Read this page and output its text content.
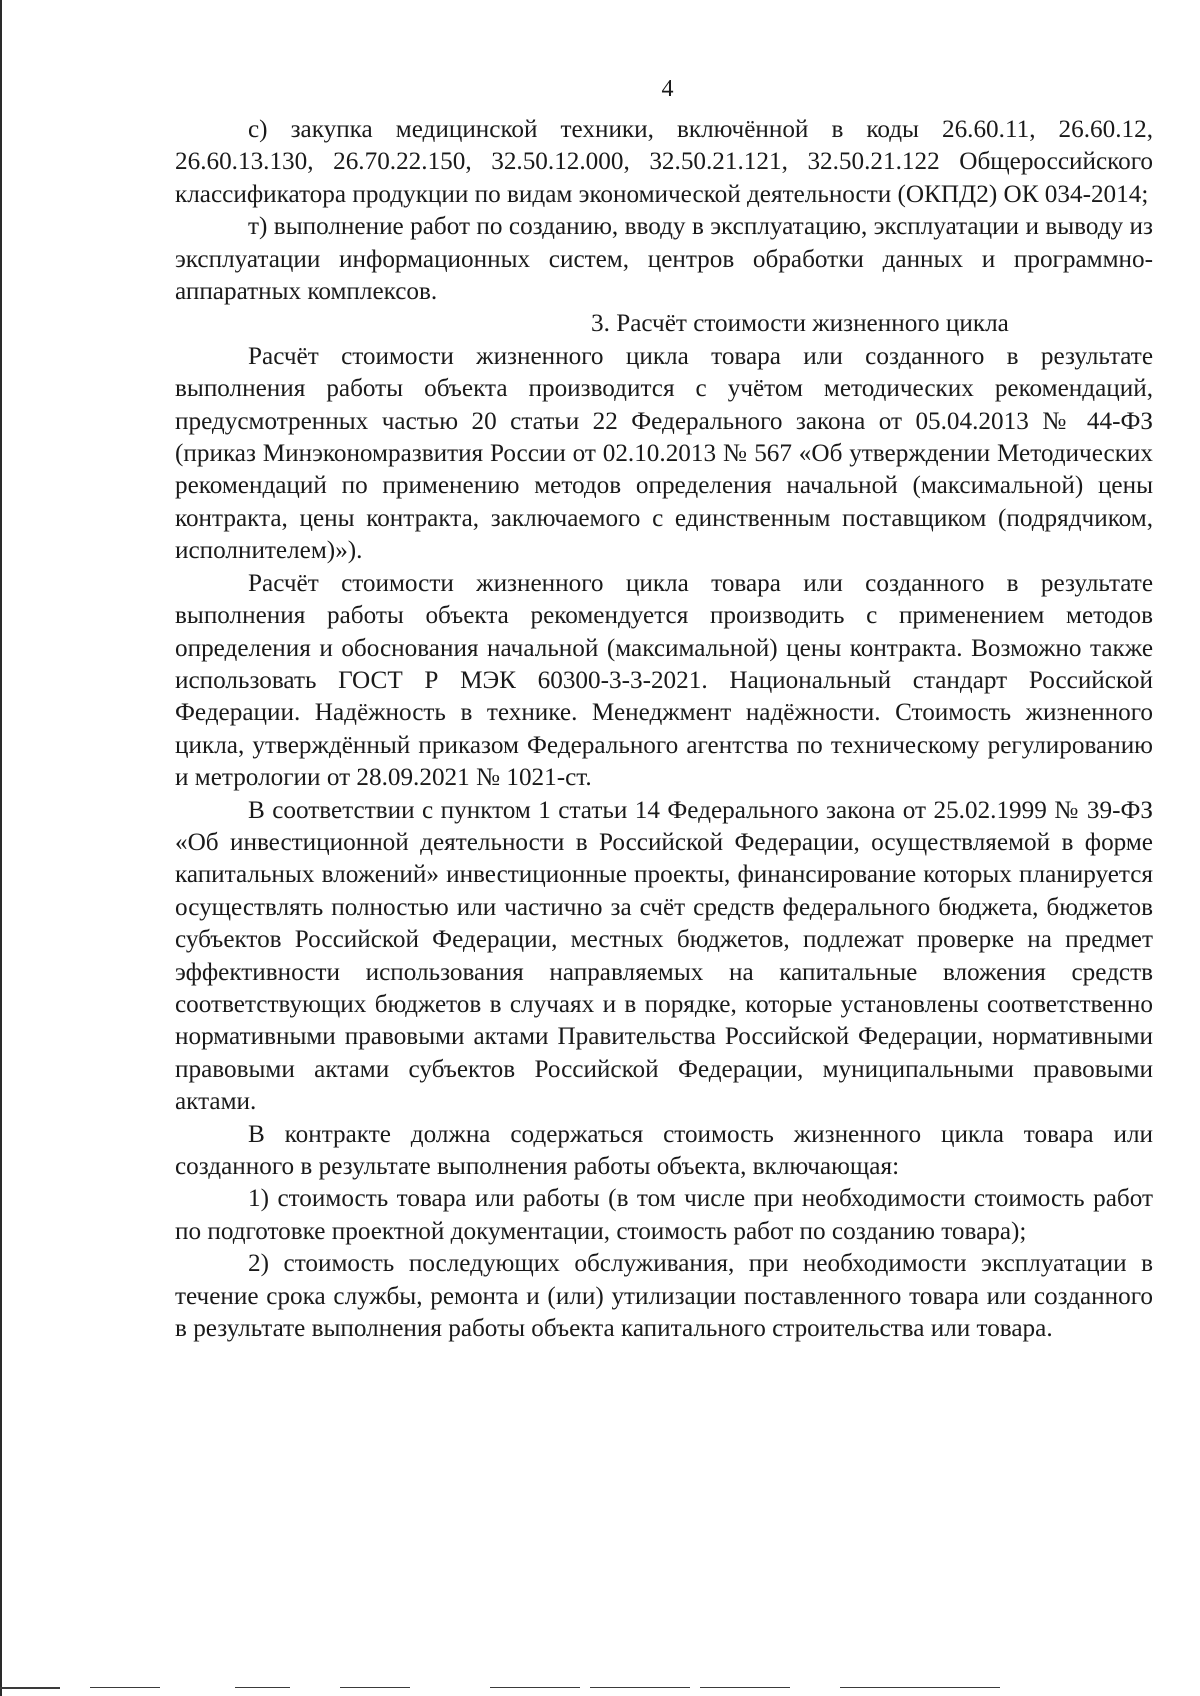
4

с) закупка медицинской техники, включённой в коды 26.60.11, 26.60.12, 26.60.13.130, 26.70.22.150, 32.50.12.000, 32.50.21.121, 32.50.21.122 Общероссийского классификатора продукции по видам экономической деятельности (ОКПД2) ОК 034-2014;

т) выполнение работ по созданию, вводу в эксплуатацию, эксплуатации и выводу из эксплуатации информационных систем, центров обработки данных и программно-аппаратных комплексов.

3. Расчёт стоимости жизненного цикла

Расчёт стоимости жизненного цикла товара или созданного в результате выполнения работы объекта производится с учётом методических рекомендаций, предусмотренных частью 20 статьи 22 Федерального закона от 05.04.2013 № 44-ФЗ (приказ Минэкономразвития России от 02.10.2013 № 567 «Об утверждении Методических рекомендаций по применению методов определения начальной (максимальной) цены контракта, цены контракта, заключаемого с единственным поставщиком (подрядчиком, исполнителем)»).

Расчёт стоимости жизненного цикла товара или созданного в результате выполнения работы объекта рекомендуется производить с применением методов определения и обоснования начальной (максимальной) цены контракта. Возможно также использовать ГОСТ Р МЭК 60300-3-3-2021. Национальный стандарт Российской Федерации. Надёжность в технике. Менеджмент надёжности. Стоимость жизненного цикла, утверждённый приказом Федерального агентства по техническому регулированию и метрологии от 28.09.2021 № 1021-ст.

В соответствии с пунктом 1 статьи 14 Федерального закона от 25.02.1999 № 39-ФЗ «Об инвестиционной деятельности в Российской Федерации, осуществляемой в форме капитальных вложений» инвестиционные проекты, финансирование которых планируется осуществлять полностью или частично за счёт средств федерального бюджета, бюджетов субъектов Российской Федерации, местных бюджетов, подлежат проверке на предмет эффективности использования направляемых на капитальные вложения средств соответствующих бюджетов в случаях и в порядке, которые установлены соответственно нормативными правовыми актами Правительства Российской Федерации, нормативными правовыми актами субъектов Российской Федерации, муниципальными правовыми актами.

В контракте должна содержаться стоимость жизненного цикла товара или созданного в результате выполнения работы объекта, включающая:

1) стоимость товара или работы (в том числе при необходимости стоимость работ по подготовке проектной документации, стоимость работ по созданию товара);

2) стоимость последующих обслуживания, при необходимости эксплуатации в течение срока службы, ремонта и (или) утилизации поставленного товара или созданного в результате выполнения работы объекта капитального строительства или товара.
